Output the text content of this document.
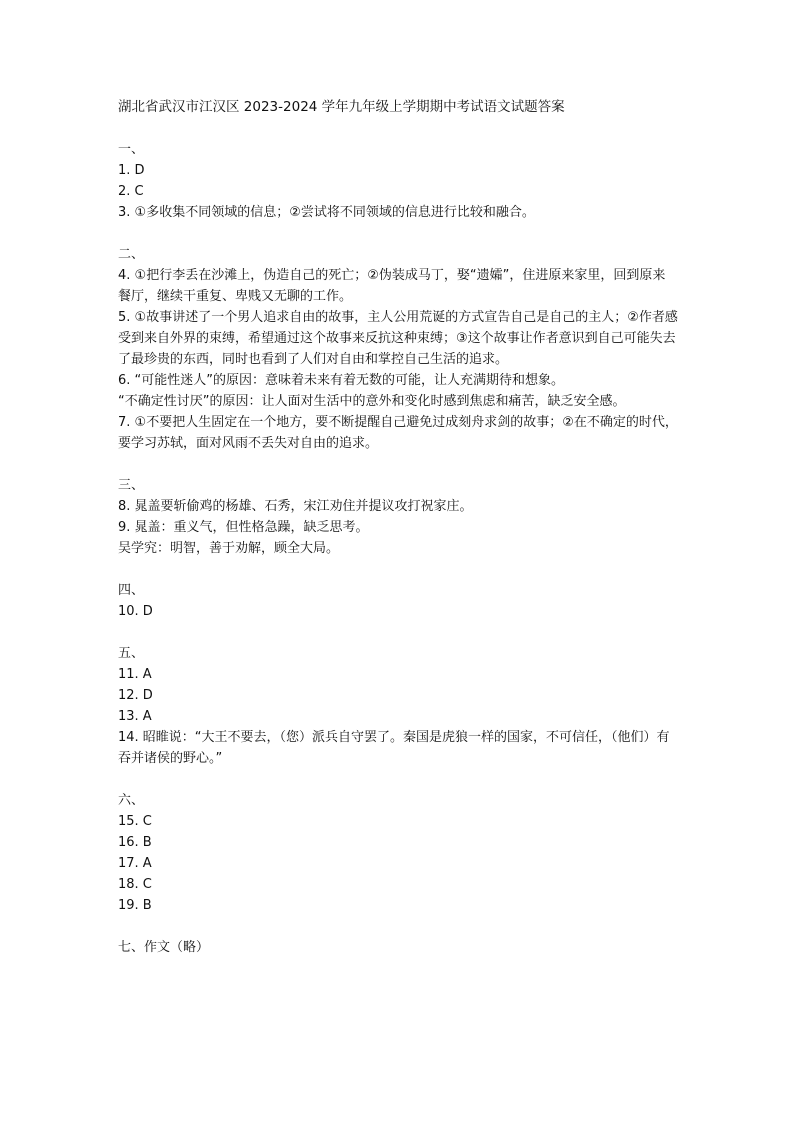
湖北省武汉市江汉区 2023-2024 学年九年级上学期期中考试语文试题答案
一、
1. D
2. C
3. ①多收集不同领域的信息；②尝试将不同领域的信息进行比较和融合。
二、
4. ①把行李丢在沙滩上，伪造自己的死亡；②伪装成马丁，娶“遗孀”，住进原来家里，回到原来餐厅，继续干重复、卑贱又无聊的工作。
5. ①故事讲述了一个男人追求自由的故事，主人公用荒诞的方式宣告自己是自己的主人；②作者感受到来自外界的束缚，希望通过这个故事来反抗这种束缚；③这个故事让作者意识到自己可能失去了最珍贵的东西，同时也看到了人们对自由和掌控自己生活的追求。
6. “可能性迷人”的原因：意味着未来有着无数的可能，让人充满期待和想象。
“不确定性讨厌”的原因：让人面对生活中的意外和变化时感到焦虑和痛苦，缺乏安全感。
7. ①不要把人生固定在一个地方，要不断提醒自己避免过成刻舟求剑的故事；②在不确定的时代，要学习苏轼，面对风雨不丢失对自由的追求。
三、
8. 晁盖要斩偷鸡的杨雄、石秀，宋江劝住并提议攻打祝家庄。
9. 晁盖：重义气，但性格急躁，缺乏思考。
吴学究：明智，善于劝解，顾全大局。
四、
10. D
五、
11. A
12. D
13. A
14. 昭睢说：“大王不要去，（您）派兵自守罢了。秦国是虎狼一样的国家，不可信任，（他们）有吞并诸侯的野心。”
六、
15. C
16. B
17. A
18. C
19. B
七、作文（略）
